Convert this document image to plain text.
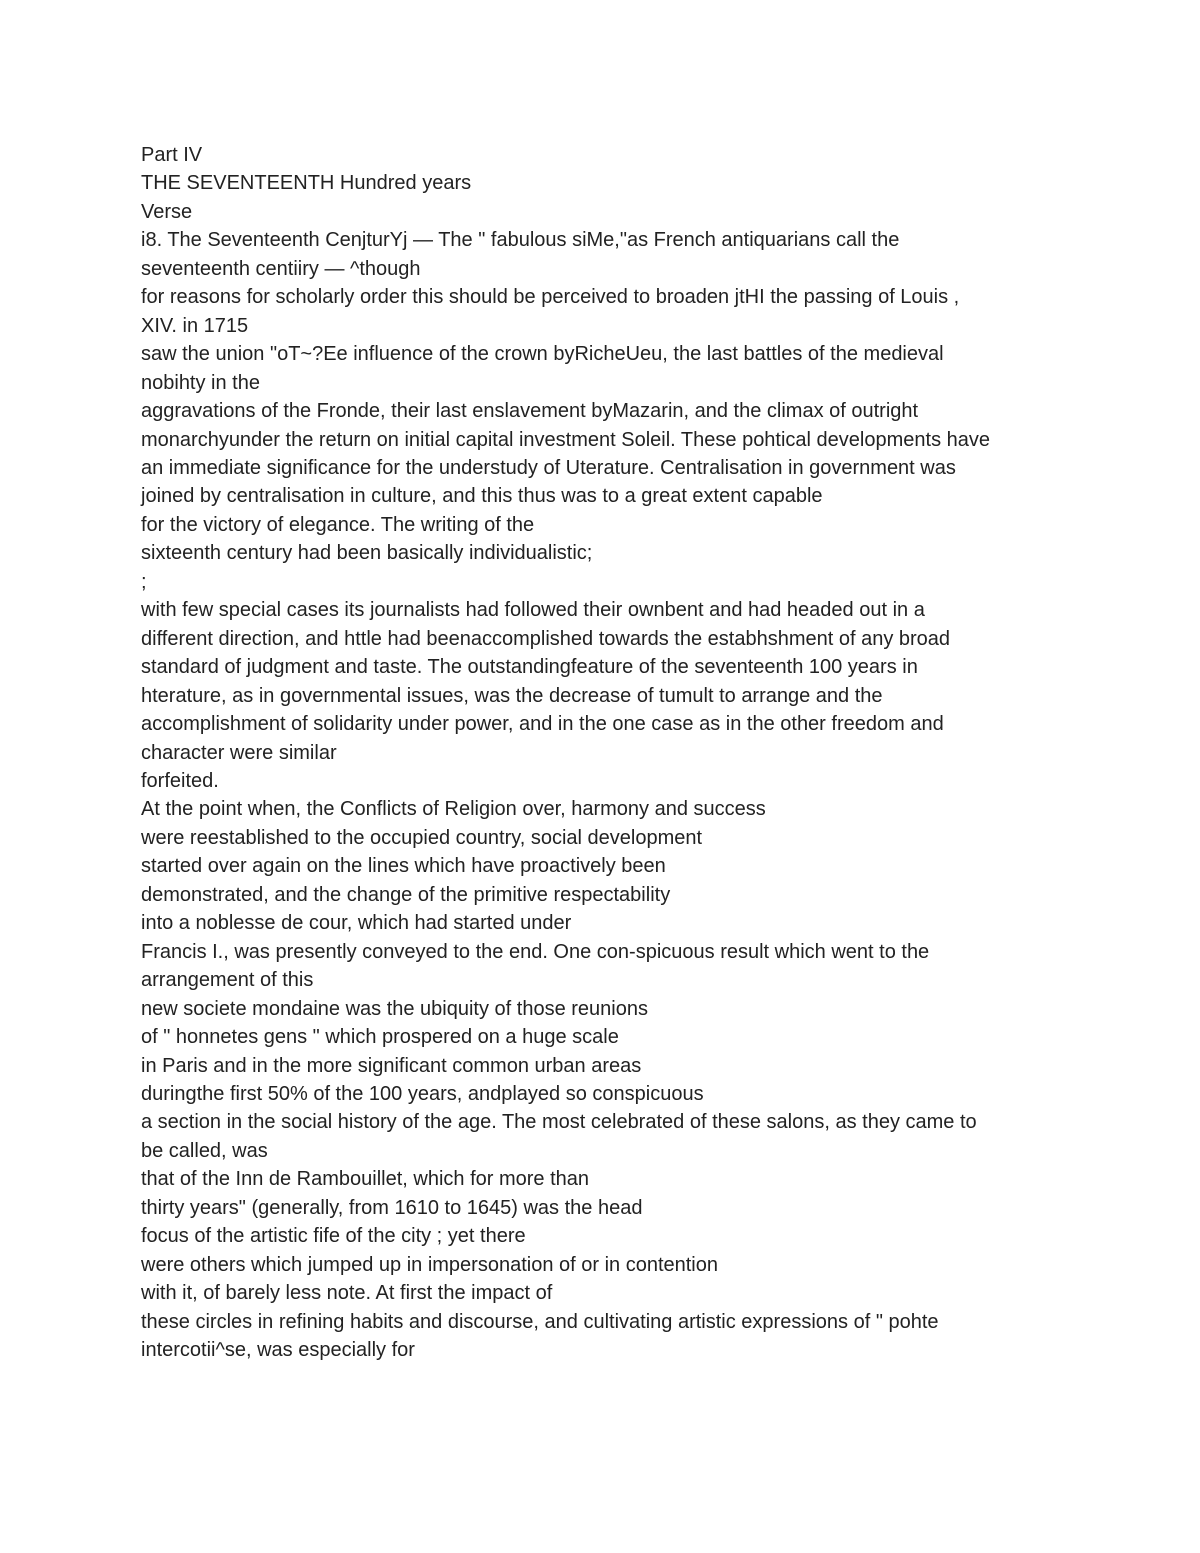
Part IV
THE SEVENTEENTH Hundred years
Verse
i8. The Seventeenth CenjturYj — The " fabulous siMe,"as French antiquarians call the
seventeenth centiiry — ^though
for reasons for scholarly order this should be perceived to broaden jtHI the passing of Louis ,
XIV. in 1715
saw the union "oT~?Ee influence of the crown byRicheUeu, the last battles of the medieval
nobihty in the
aggravations of the Fronde, their last enslavement byMazarin, and the climax of outright
monarchyunder the return on initial capital investment Soleil. These pohtical developments have
an immediate significance for the understudy of Uterature. Centralisation in government was
joined by centralisation in culture, and this thus was to a great extent capable
for the victory of elegance. The writing of the
sixteenth century had been basically individualistic;
;
with few special cases its journalists had followed their ownbent and had headed out in a
different direction, and httle had beenaccomplished towards the estabhshment of any broad
standard of judgment and taste. The outstandingfeature of the seventeenth 100 years in
hterature, as in governmental issues, was the decrease of tumult to arrange and the
accomplishment of solidarity under power, and in the one case as in the other freedom and
character were similar
forfeited.
At the point when, the Conflicts of Religion over, harmony and success
were reestablished to the occupied country, social development
started over again on the lines which have proactively been
demonstrated, and the change of the primitive respectability
into a noblesse de cour, which had started under
Francis I., was presently conveyed to the end. One con-spicuous result which went to the
arrangement of this
new societe mondaine was the ubiquity of those reunions
of " honnetes gens " which prospered on a huge scale
in Paris and in the more significant common urban areas
duringthe first 50% of the 100 years, andplayed so conspicuous
a section in the social history of the age. The most celebrated of these salons, as they came to
be called, was
that of the Inn de Rambouillet, which for more than
thirty years" (generally, from 1610 to 1645) was the head
focus of the artistic fife of the city ; yet there
were others which jumped up in impersonation of or in contention
with it, of barely less note. At first the impact of
these circles in refining habits and discourse, and cultivating artistic expressions of " pohte
intercotii^se, was especially for
